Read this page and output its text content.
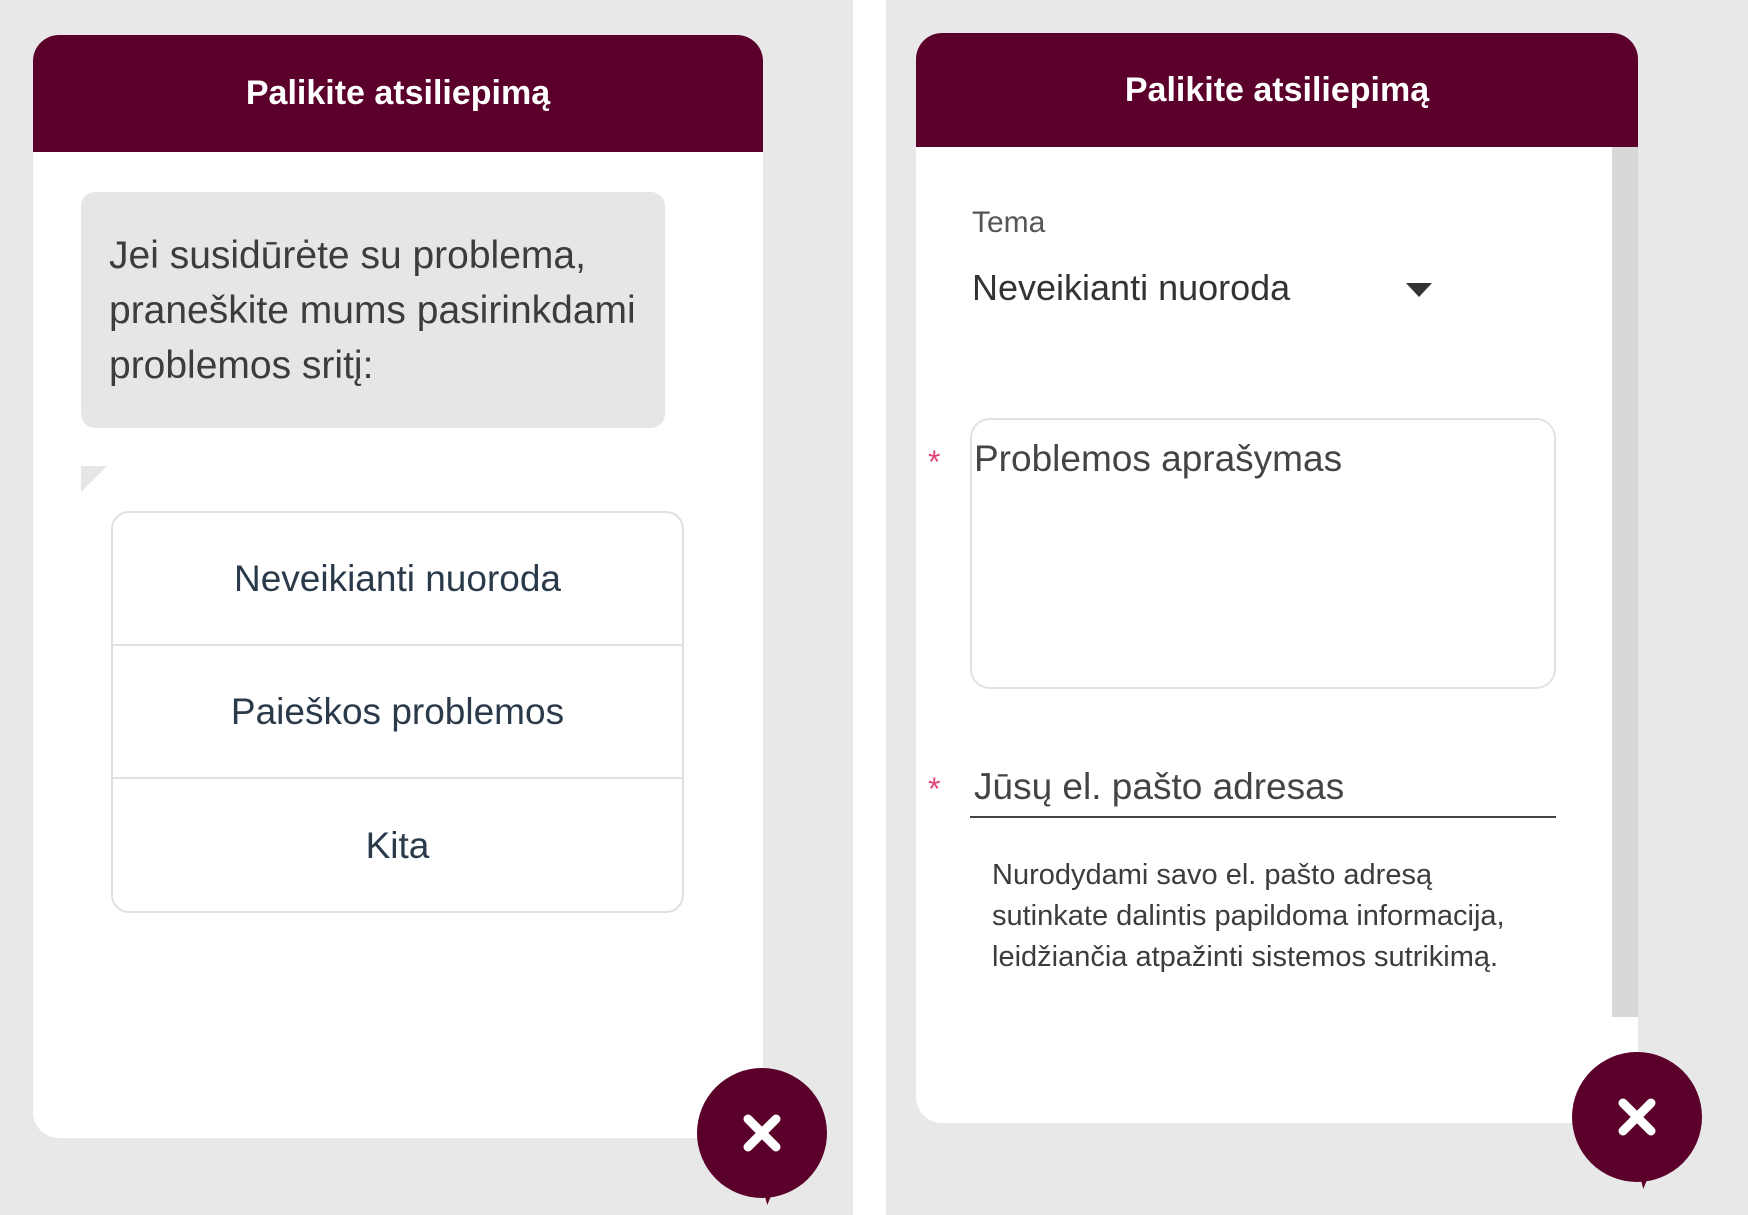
Palikite atsiliepimą
Jei susidūrėte su problema, praneškite mums pasirinkdami problemos sritį:
Neveikianti nuoroda
Paieškos problemos
Kita
Palikite atsiliepimą
Tema
Neveikianti nuoroda
* Problemos aprašymas
* Jūsų el. pašto adresas
Nurodydami savo el. pašto adresą sutinkate dalintis papildoma informacija, leidžiančia atpažinti sistemos sutrikimą.
